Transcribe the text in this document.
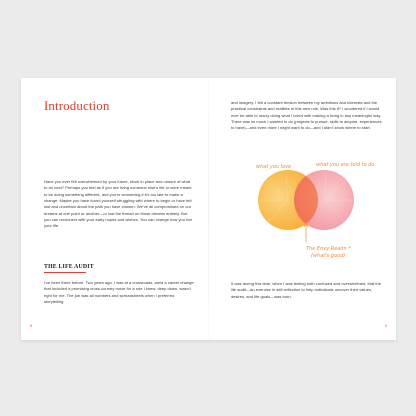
Introduction
Have you ever felt overwhelmed by your future, stuck in place and unsure of what to do next? Perhaps you feel as if you are living someone else's life or were meant to be doing something different, and you're wondering if it's too late to make a change. Maybe you have found yourself struggling with where to begin or have felt lost and uncertain about the path you have chosen. We've all compromised on our dreams at one point or another—or lost the thread on those dreams entirely. But you can reconnect with your early hopes and wishes. You can change how you live your life.
THE LIFE AUDIT
I've been there before. Two years ago, I was at a crossroads, amid a career change that included a promising cross-country move for a role I knew, deep down, wasn't right for me. The job was all numbers and spreadsheets when I preferred storytelling
8
and imagery. I felt a constant tension between my ambitions and interests and the practical constraints and realities of this new role. Was this it? I wondered if I would ever be able to marry doing what I loved with making a living in any meaningful way. There was so much I wanted to do (projects to pursue, skills to acquire, experiences to have)—and even more I might want to do—and I didn't know where to start.
what you love	what you are told to do
The Envy Realm *
(what's good)
It was during this time, when I was feeling both confused and overwhelmed, that the life audit—an exercise in self-reflection to help individuals uncover their values, desires, and life goals—was born.
9
